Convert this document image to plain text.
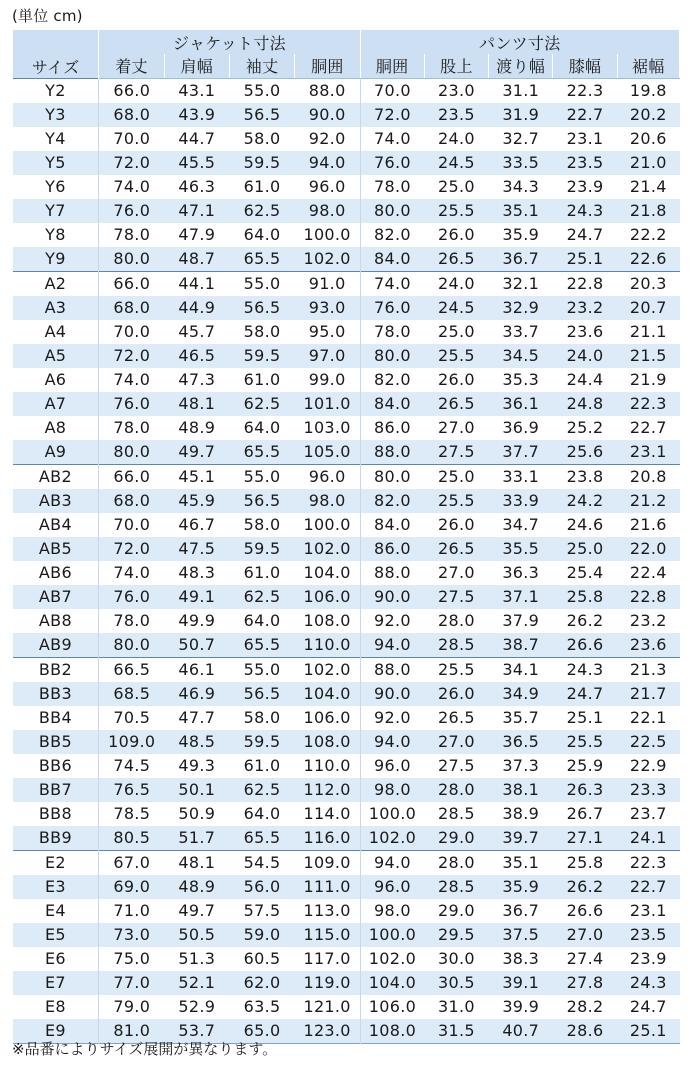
(単位 cm)
サイズ	ジャケット寸法				パンツ寸法				
	着丈	肩幅	袖丈	胴囲	胴囲	股上	渡り幅	膝幅	裾幅
Y2	66.0	43.1	55.0	88.0	70.0	23.0	31.1	22.3	19.8
Y3	68.0	43.9	56.5	90.0	72.0	23.5	31.9	22.7	20.2
Y4	70.0	44.7	58.0	92.0	74.0	24.0	32.7	23.1	20.6
Y5	72.0	45.5	59.5	94.0	76.0	24.5	33.5	23.5	21.0
Y6	74.0	46.3	61.0	96.0	78.0	25.0	34.3	23.9	21.4
Y7	76.0	47.1	62.5	98.0	80.0	25.5	35.1	24.3	21.8
Y8	78.0	47.9	64.0	100.0	82.0	26.0	35.9	24.7	22.2
Y9	80.0	48.7	65.5	102.0	84.0	26.5	36.7	25.1	22.6
A2	66.0	44.1	55.0	91.0	74.0	24.0	32.1	22.8	20.3
A3	68.0	44.9	56.5	93.0	76.0	24.5	32.9	23.2	20.7
A4	70.0	45.7	58.0	95.0	78.0	25.0	33.7	23.6	21.1
A5	72.0	46.5	59.5	97.0	80.0	25.5	34.5	24.0	21.5
A6	74.0	47.3	61.0	99.0	82.0	26.0	35.3	24.4	21.9
A7	76.0	48.1	62.5	101.0	84.0	26.5	36.1	24.8	22.3
A8	78.0	48.9	64.0	103.0	86.0	27.0	36.9	25.2	22.7
A9	80.0	49.7	65.5	105.0	88.0	27.5	37.7	25.6	23.1
AB2	66.0	45.1	55.0	96.0	80.0	25.0	33.1	23.8	20.8
AB3	68.0	45.9	56.5	98.0	82.0	25.5	33.9	24.2	21.2
AB4	70.0	46.7	58.0	100.0	84.0	26.0	34.7	24.6	21.6
AB5	72.0	47.5	59.5	102.0	86.0	26.5	35.5	25.0	22.0
AB6	74.0	48.3	61.0	104.0	88.0	27.0	36.3	25.4	22.4
AB7	76.0	49.1	62.5	106.0	90.0	27.5	37.1	25.8	22.8
AB8	78.0	49.9	64.0	108.0	92.0	28.0	37.9	26.2	23.2
AB9	80.0	50.7	65.5	110.0	94.0	28.5	38.7	26.6	23.6
BB2	66.5	46.1	55.0	102.0	88.0	25.5	34.1	24.3	21.3
BB3	68.5	46.9	56.5	104.0	90.0	26.0	34.9	24.7	21.7
BB4	70.5	47.7	58.0	106.0	92.0	26.5	35.7	25.1	22.1
BB5	109.0	48.5	59.5	108.0	94.0	27.0	36.5	25.5	22.5
BB6	74.5	49.3	61.0	110.0	96.0	27.5	37.3	25.9	22.9
BB7	76.5	50.1	62.5	112.0	98.0	28.0	38.1	26.3	23.3
BB8	78.5	50.9	64.0	114.0	100.0	28.5	38.9	26.7	23.7
BB9	80.5	51.7	65.5	116.0	102.0	29.0	39.7	27.1	24.1
E2	67.0	48.1	54.5	109.0	94.0	28.0	35.1	25.8	22.3
E3	69.0	48.9	56.0	111.0	96.0	28.5	35.9	26.2	22.7
E4	71.0	49.7	57.5	113.0	98.0	29.0	36.7	26.6	23.1
E5	73.0	50.5	59.0	115.0	100.0	29.5	37.5	27.0	23.5
E6	75.0	51.3	60.5	117.0	102.0	30.0	38.3	27.4	23.9
E7	77.0	52.1	62.0	119.0	104.0	30.5	39.1	27.8	24.3
E8	79.0	52.9	63.5	121.0	106.0	31.0	39.9	28.2	24.7
E9	81.0	53.7	65.0	123.0	108.0	31.5	40.7	28.6	25.1
※品番によりサイズ展開が異なります。
